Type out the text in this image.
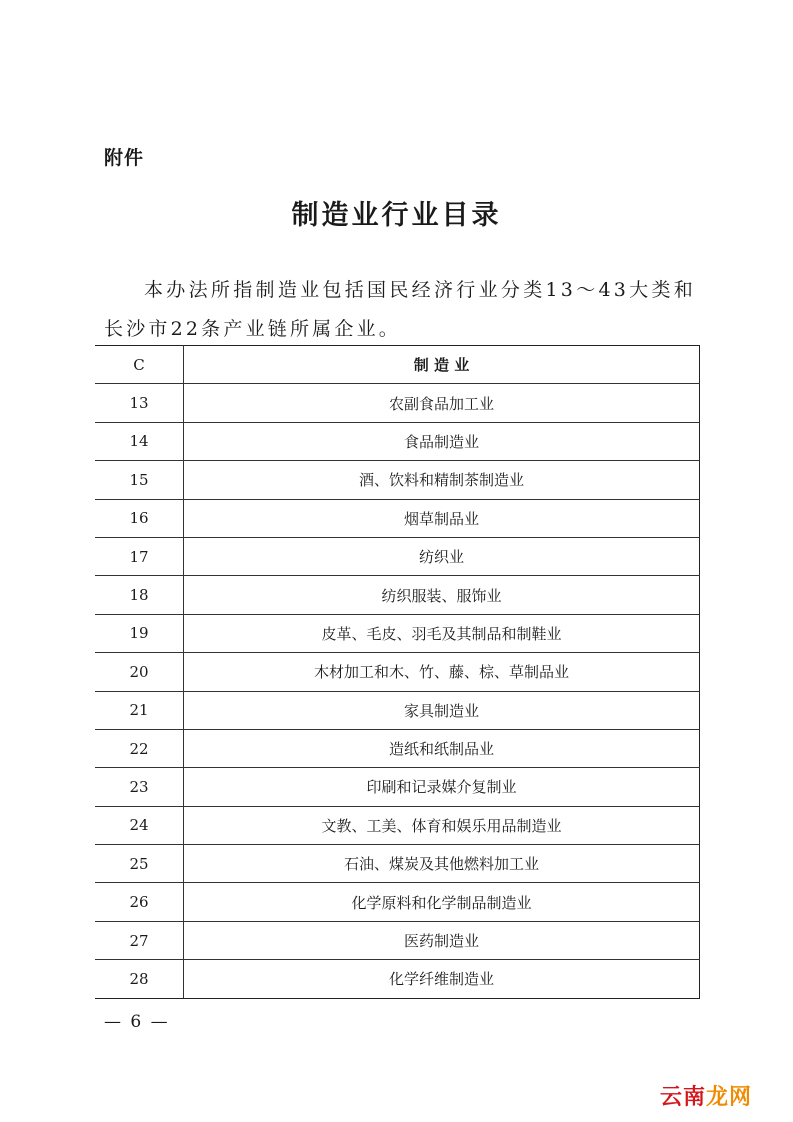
附件
制造业行业目录
本办法所指制造业包括国民经济行业分类13～43大类和长沙市22条产业链所属企业。
C	制 造 业
13	农副食品加工业
14	食品制造业
15	酒、饮料和精制茶制造业
16	烟草制品业
17	纺织业
18	纺织服装、服饰业
19	皮革、毛皮、羽毛及其制品和制鞋业
20	木材加工和木、竹、藤、棕、草制品业
21	家具制造业
22	造纸和纸制品业
23	印刷和记录媒介复制业
24	文教、工美、体育和娱乐用品制造业
25	石油、煤炭及其他燃料加工业
26	化学原料和化学制品制造业
27	医药制造业
28	化学纤维制造业
— 6 —
云南龙网
